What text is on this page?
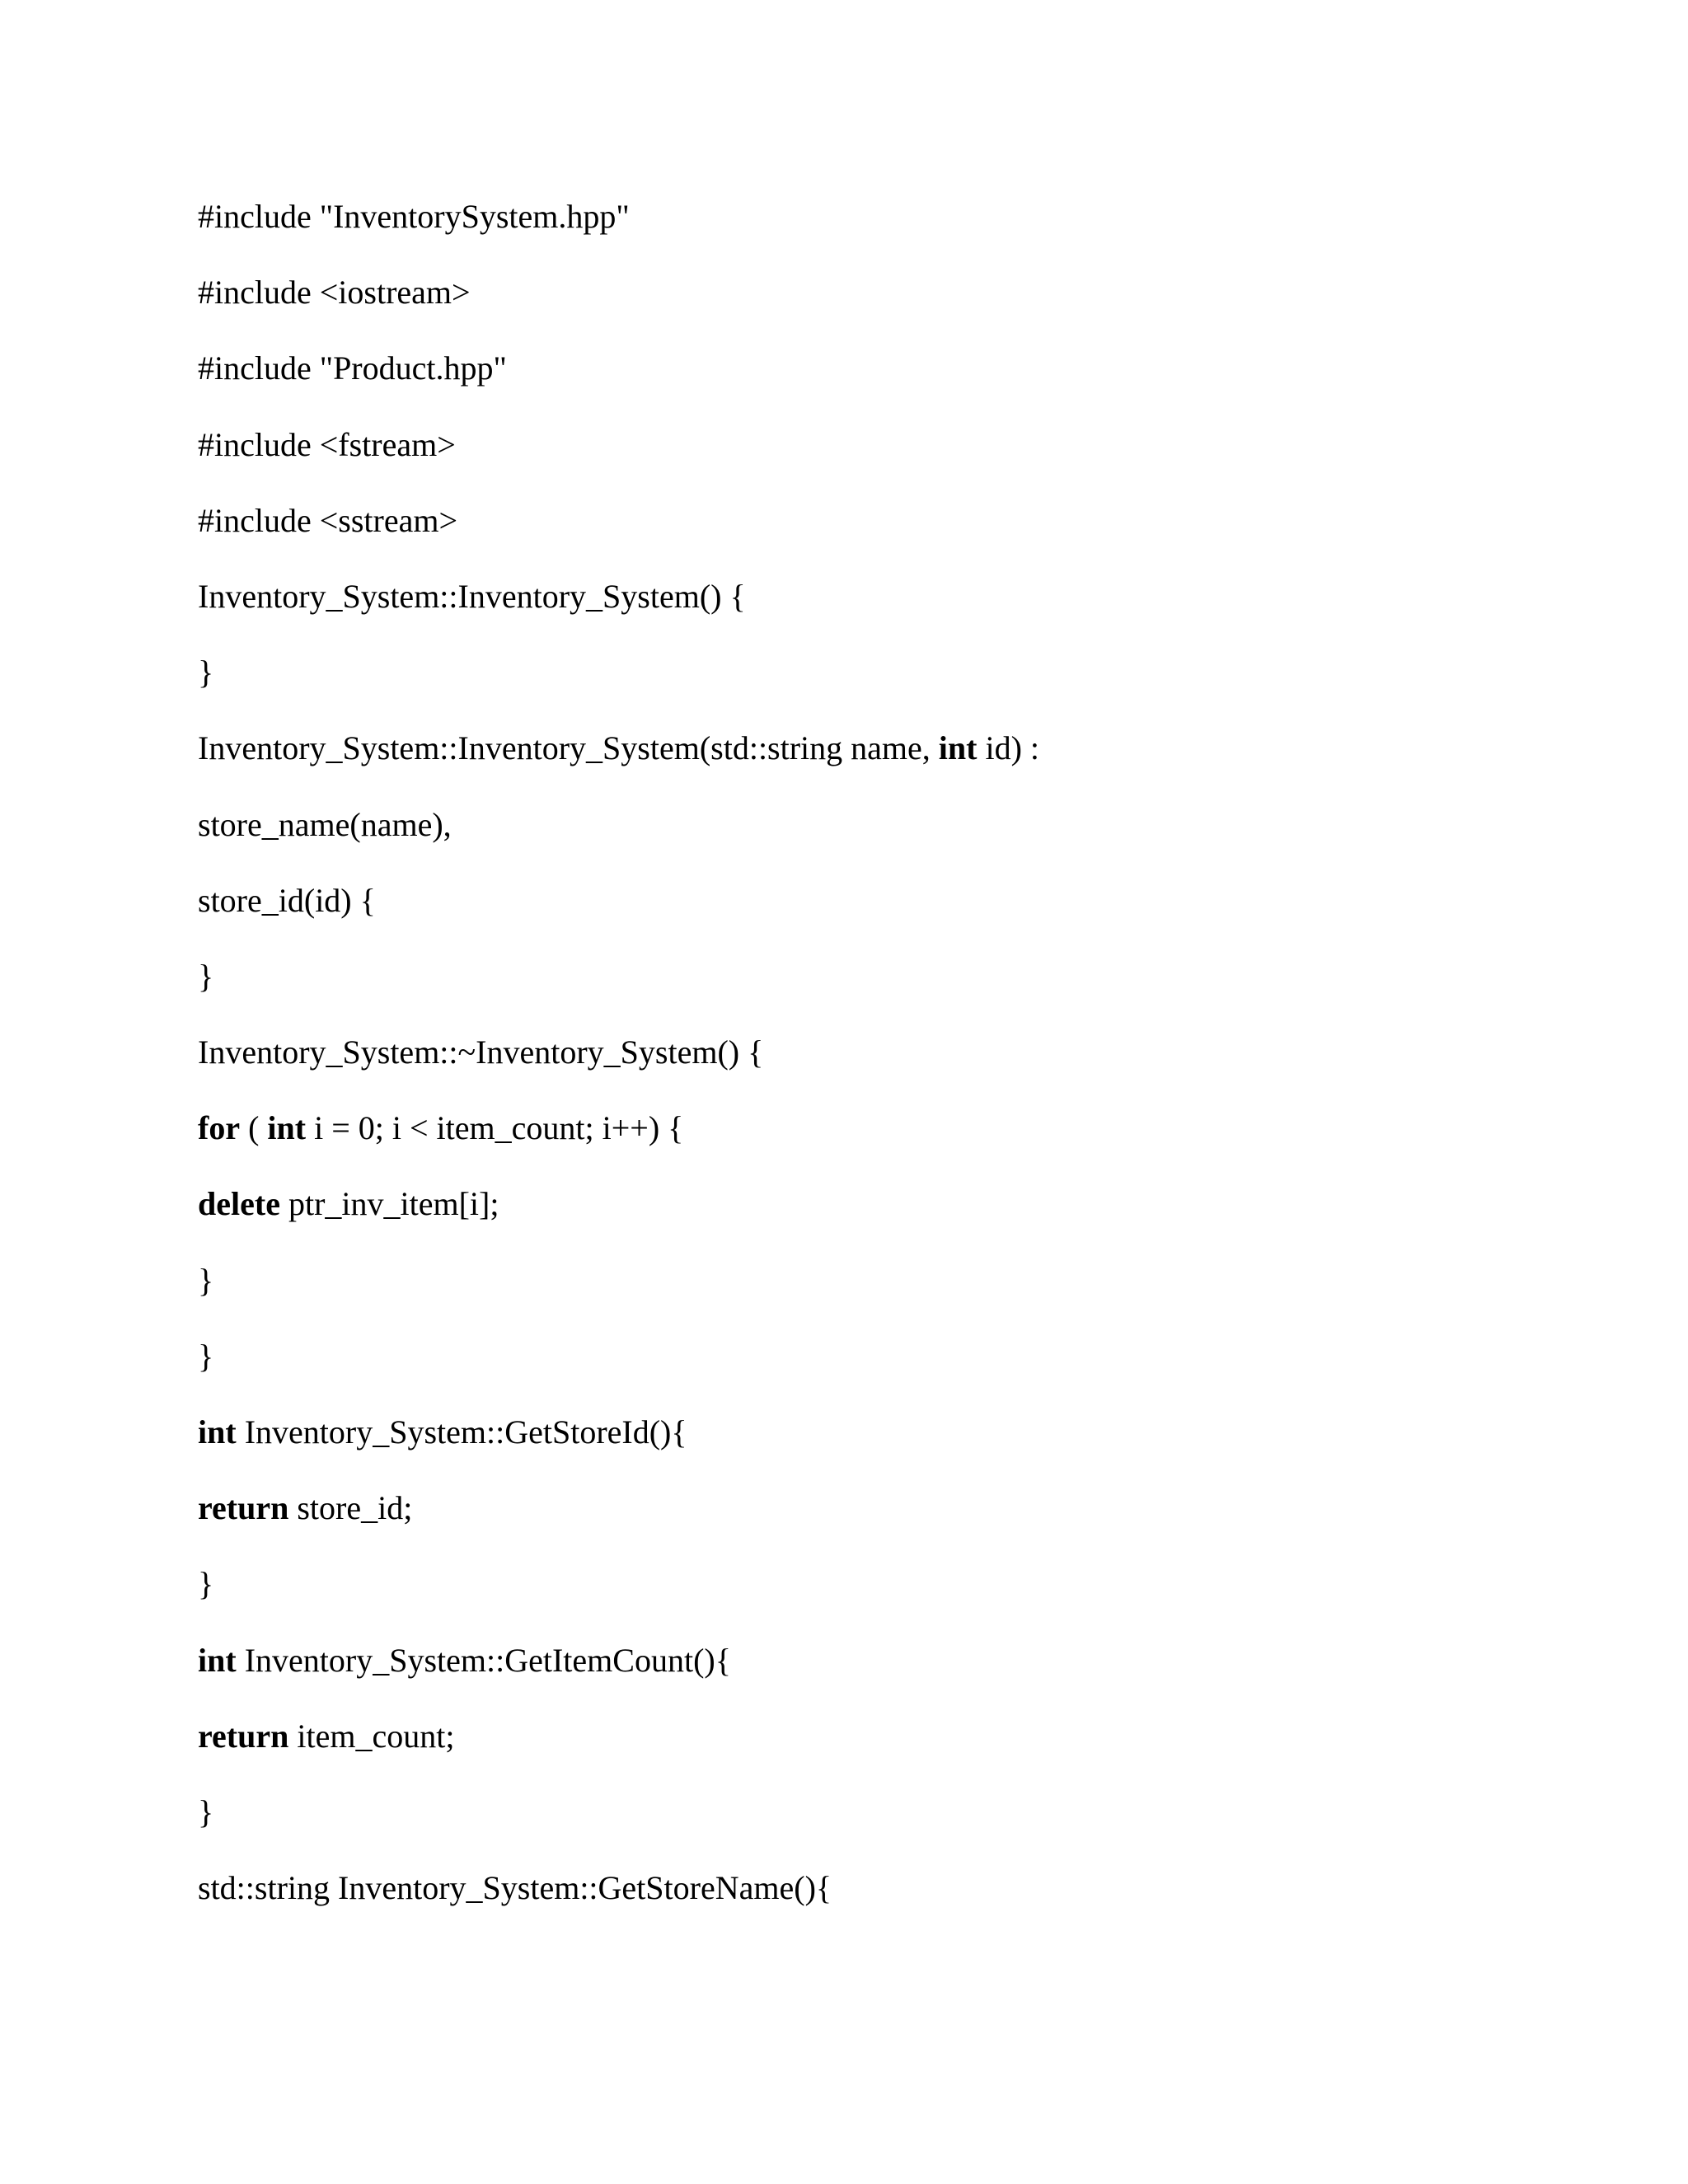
#include "InventorySystem.hpp"
#include <iostream>
#include "Product.hpp"
#include <fstream>
#include <sstream>
Inventory_System::Inventory_System() {
}
Inventory_System::Inventory_System(std::string name, int id) :
store_name(name),
store_id(id) {
}
Inventory_System::~Inventory_System() {
for ( int i = 0; i < item_count; i++) {
delete ptr_inv_item[i];
}
}
int Inventory_System::GetStoreId(){
return store_id;
}
int Inventory_System::GetItemCount(){
return item_count;
}
std::string Inventory_System::GetStoreName(){
